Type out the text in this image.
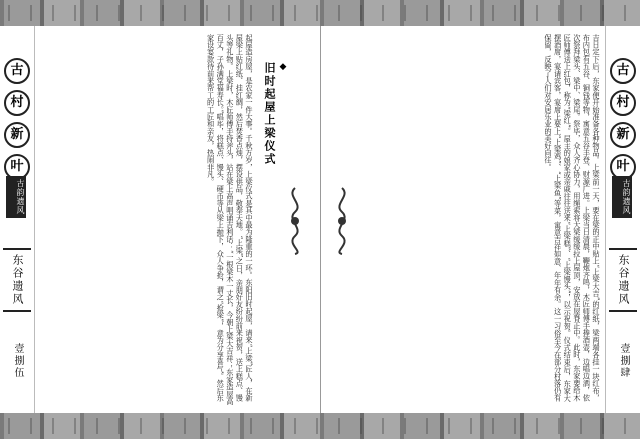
古
村
新
叶
古韵遗风
东谷遗风
壹捌伍	起屋造房屋，是农家一件大事。千秋万岁，上梁仪式是其中最为隆重的一环。东阳旧时起屋，请来“上梁”匠人，在新屋梁上贴红纸、挂红绸，然后焚香点烛，摆设供品，敬奉天地。“上梁”之日，亲朋好友纷纷前来祝贺，送上糕点、馒头等礼物。上梁时，木匠师傅手持斧头，站在梁上高声唱诵吉利话：“一根梁木一丈长，今朝上梁大吉祥；东家造屋高百丈，子孙满堂福寿长。”唱毕，将糕点、馒头、硬币等从梁上抛下，众人争抢，谓之“抢梁”，意为分享喜气。然后东家设宴款待前来帮工的工匠和亲友，热闹非凡。
◆	旧时起屋上梁仪式	吉日定下后，东家便开始准备各种物品。上梁前一天，要在梁的正中贴上“上梁大吉”的红纸，梁两端各挂一块红布，布内包有五谷、铜钱等物，寓意五谷丰登、财源广进。上梁当日清晨，鞭炮齐鸣，木匠师傅手捧酒壶，边唱边洒，依次祭拜梁头、梁中、梁尾。祭毕，众人齐心协力，用绳索将大梁缓缓拉上屋顶，安放在屋脊正中。此时，东家要给木匠师傅送上红包，称为“梁红”。屋主的娘家或亲戚往往送来“上梁糕”、“上梁馒头”，以示祝贺。仪式结束后，东家大摆酒席，宴请宾客，宴席上要上“上梁鸡”、“上梁鱼”等菜，寓意吉祥如意、年年有余。这一习俗至今在部分村落仍有保留，反映了人们对安居乐业的美好向往。	古
村
新
叶
古韵遗风
东谷遗风
壹捌肆
